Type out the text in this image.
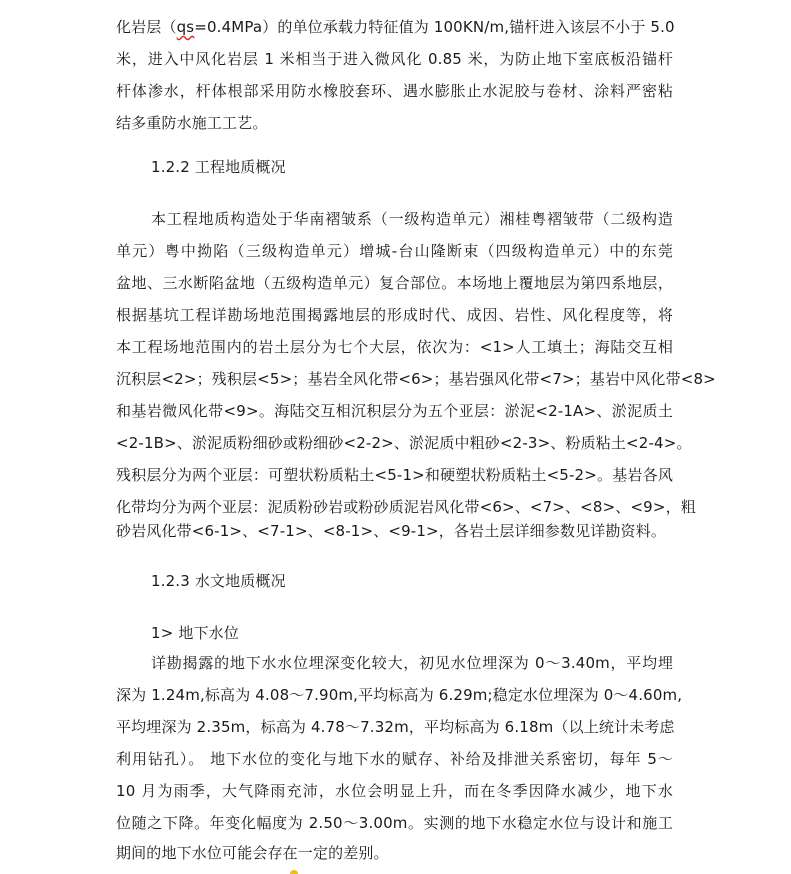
化岩层（qs=0.4MPa）的单位承载力特征值为 100KN/m,锚杆进入该层不小于 5.0
米，进入中风化岩层 1 米相当于进入微风化 0.85 米，为防止地下室底板沿锚杆
杆体渗水，杆体根部采用防水橡胶套环、遇水膨胀止水泥胶与卷材、涂料严密粘
结多重防水施工工艺。
1.2.2 工程地质概况
本工程地质构造处于华南褶皱系（一级构造单元）湘桂粤褶皱带（二级构造
单元）粤中拗陷（三级构造单元）增城-台山隆断束（四级构造单元）中的东莞
盆地、三水断陷盆地（五级构造单元）复合部位。本场地上覆地层为第四系地层，
根据基坑工程详勘场地范围揭露地层的形成时代、成因、岩性、风化程度等，将
本工程场地范围内的岩土层分为七个大层，依次为：<1>人工填土；海陆交互相
沉积层<2>；残积层<5>；基岩全风化带<6>；基岩强风化带<7>；基岩中风化带<8>
和基岩微风化带<9>。海陆交互相沉积层分为五个亚层：淤泥<2-1A>、淤泥质土
<2-1B>、淤泥质粉细砂或粉细砂<2-2>、淤泥质中粗砂<2-3>、粉质粘土<2-4>。
残积层分为两个亚层：可塑状粉质粘土<5-1>和硬塑状粉质粘土<5-2>。基岩各风
化带均分为两个亚层：泥质粉砂岩或粉砂质泥岩风化带<6>、<7>、<8>、<9>，粗
砂岩风化带<6-1>、<7-1>、<8-1>、<9-1>，各岩土层详细参数见详勘资料。
1.2.3 水文地质概况
1> 地下水位
详勘揭露的地下水水位埋深变化较大，初见水位埋深为 0～3.40m，平均埋
深为 1.24m,标高为 4.08～7.90m,平均标高为 6.29m;稳定水位埋深为 0～4.60m,
平均埋深为 2.35m，标高为 4.78～7.32m，平均标高为 6.18m（以上统计未考虑
利用钻孔）。 地下水位的变化与地下水的赋存、补给及排泄关系密切，每年 5～
10 月为雨季，大气降雨充沛，水位会明显上升，而在冬季因降水减少，地下水
位随之下降。年变化幅度为 2.50～3.00m。实测的地下水稳定水位与设计和施工
期间的地下水位可能会存在一定的差别。
